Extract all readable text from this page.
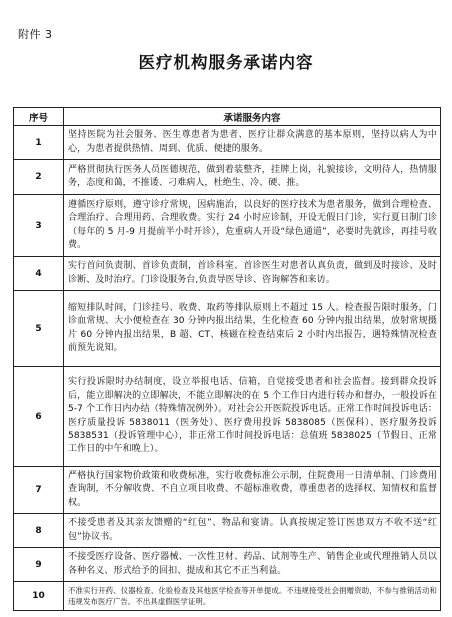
附件 3
医疗机构服务承诺内容
序号	承诺服务内容
1	坚持医院为社会服务、医生尊患者为患者、医疗让群众满意的基本原则，坚持以病人为中心，为患者提供热情、周到、优质、便捷的服务。
2	严格贯彻执行医务人员医德规范，做到着装整齐，挂牌上岗，礼貌接诊，文明待人，热情服务，态度和蔼，不推诿、刁难病人，杜绝生、冷、硬、推。
3	遵循医疗原则，遵守诊疗常规，因病施治，以良好的医疗技术为患者服务，做到合理检查、合理治疗、合理用药、合理收费。实行 24 小时应诊制，开设无假日门诊，实行夏日制门诊（每年的 5 月-9 月提前半小时开诊），危重病人开设“绿色通道”，必要时先就诊，再挂号收费。
4	实行首问负责制、首诊负责制，首诊科室、首诊医生对患者认真负责，做到及时接诊、及时诊断、及时治疗。门诊设服务台,负责导医导诊、咨询解答和来访。
5	缩短排队时间，门诊挂号、收费、取药等排队原则上不超过 15 人。检查报告限时服务，门诊血常规、大小便检查在 30 分钟内报出结果，生化检查 60 分钟内报出结果，放射常规摄片 60 分钟内报出结果，B 超、CT、核磁在检查结束后 2 小时内出报告，遇特殊情况检查前预先说知。
6	实行投诉限时办结制度，设立举报电话、信箱，自觉接受患者和社会监督。接到群众投诉后，能立即解决的立即解决，不能立即解决的在 5 个工作日内进行转办和督办，一般投诉在 5-7 个工作日内办结（特殊情况例外）。对社会公开医院投诉电话。正常工作时间投诉电话：医疗质量投诉 5838011（医务处）、医疗费用投诉 5838085（医保科）、医疗服务投诉 5838531（投诉管理中心），非正常工作时间投诉电话：总值班 5838025（节假日、正常工作日的中午和晚上）。
7	严格执行国家物价政策和收费标准，实行收费标准公示制，住院费用一日清单制、门诊费用查询制，不分解收费、不自立项目收费、不超标准收费，尊重患者的选择权、知情权和监督权。
8	不接受患者及其亲友馈赠的“红包”、物品和宴请。认真按规定签订医患双方不收不送“红包”协议书。
9	不接受医疗设备、医疗器械、一次性卫材、药品、试剂等生产、销售企业或代理推销人员以各种名义、形式给予的回扣、提成和其它不正当利益。
10	不准实行开药、仪器检查、化验检查及其他医学检查等开单提成。不违规接受社会捐赠资助，不参与推销活动和违规发布医疗广告。不出具虚假医学证明。
